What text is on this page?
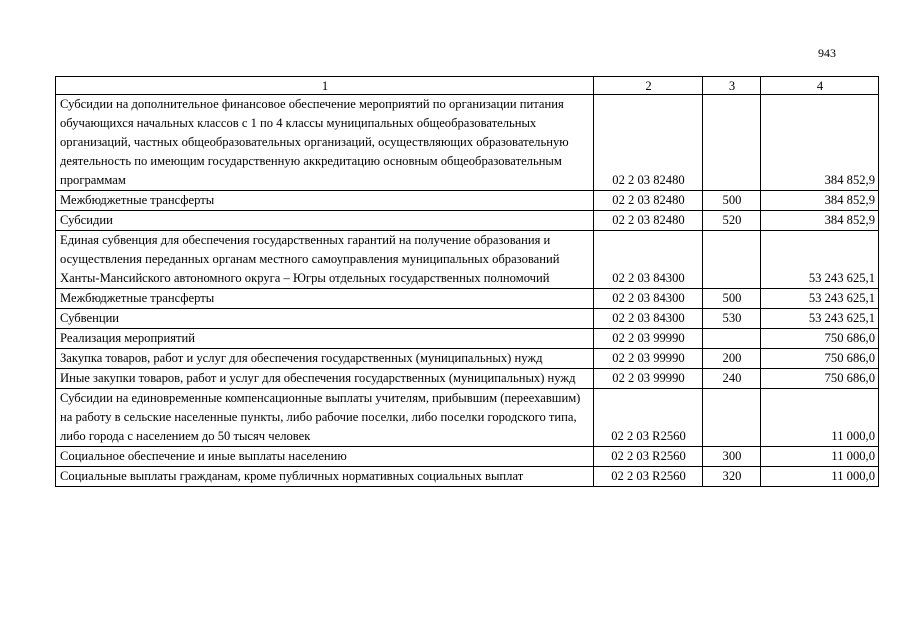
943
1	2	3	4
Субсидии на дополнительное финансовое обеспечение мероприятий по организации питания обучающихся начальных классов с 1 по 4 классы муниципальных общеобразовательных организаций, частных общеобразовательных организаций, осуществляющих образовательную деятельность по имеющим государственную аккредитацию основным общеобразовательным программам	02 2 03 82480		384 852,9
Межбюджетные трансферты	02 2 03 82480	500	384 852,9
Субсидии	02 2 03 82480	520	384 852,9
Единая субвенция для обеспечения государственных гарантий на получение образования и осуществления переданных органам местного самоуправления муниципальных образований Ханты-Мансийского автономного округа – Югры отдельных государственных полномочий	02 2 03 84300		53 243 625,1
Межбюджетные трансферты	02 2 03 84300	500	53 243 625,1
Субвенции	02 2 03 84300	530	53 243 625,1
Реализация мероприятий	02 2 03 99990		750 686,0
Закупка товаров, работ и услуг для обеспечения государственных (муниципальных) нужд	02 2 03 99990	200	750 686,0
Иные закупки товаров, работ и услуг для обеспечения государственных (муниципальных) нужд	02 2 03 99990	240	750 686,0
Субсидии на единовременные компенсационные выплаты учителям, прибывшим (переехавшим) на работу в сельские населенные пункты, либо рабочие поселки, либо поселки городского типа, либо города с населением до 50 тысяч человек	02 2 03 R2560		11 000,0
Социальное обеспечение и иные выплаты населению	02 2 03 R2560	300	11 000,0
Социальные выплаты гражданам, кроме публичных нормативных социальных выплат	02 2 03 R2560	320	11 000,0
